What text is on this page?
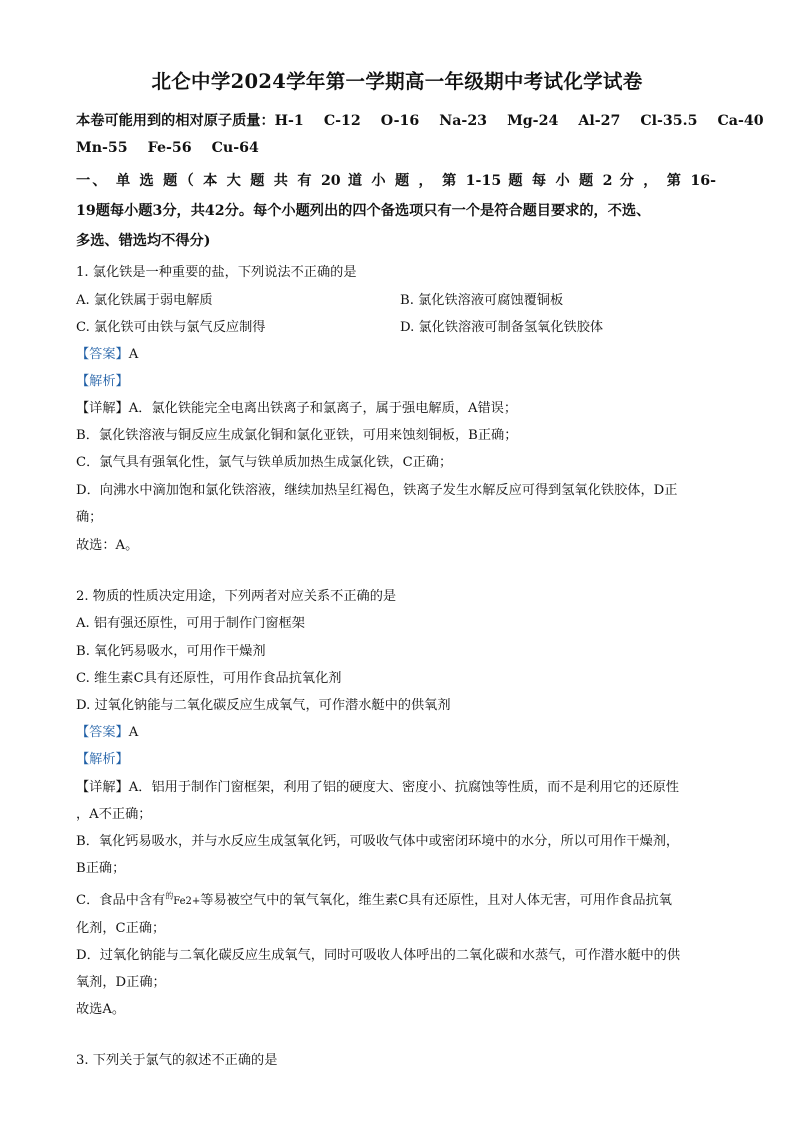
北仑中学2024学年第一学期高一年级期中考试化学试卷
本卷可能用到的相对原子质量：H-1 C-12 O-16 Na-23 Mg-24 Al-27 Cl-35.5 Ca-40
Mn-55 Fe-56 Cu-64
一、 单 选 题（ 本 大 题 共 有 20 道 小 题 ， 第 1-15 题 每 小 题 2 分 ， 第 16-
19题每小题3分，共42分。每个小题列出的四个备选项只有一个是符合题目要求的，不选、
多选、错选均不得分)
1. 氯化铁是一种重要的盐，下列说法不正确的是
A. 氯化铁属于弱电解质	B. 氯化铁溶液可腐蚀覆铜板
C. 氯化铁可由铁与氯气反应制得	D. 氯化铁溶液可制备氢氧化铁胶体
【答案】A
【解析】
【详解】A．氯化铁能完全电离出铁离子和氯离子，属于强电解质，A错误；
B．氯化铁溶液与铜反应生成氯化铜和氯化亚铁，可用来蚀刻铜板，B正确；
C．氯气具有强氧化性，氯气与铁单质加热生成氯化铁，C正确；
D．向沸水中滴加饱和氯化铁溶液，继续加热呈红褐色，铁离子发生水解反应可得到氢氧化铁胶体，D正
确；
故选：A。
2. 物质的性质决定用途，下列两者对应关系不正确的是
A. 铝有强还原性，可用于制作门窗框架
B. 氧化钙易吸水，可用作干燥剂
C. 维生素C具有还原性，可用作食品抗氧化剂
D. 过氧化钠能与二氧化碳反应生成氧气，可作潜水艇中的供氧剂
【答案】A
【解析】
【详解】A．铝用于制作门窗框架，利用了铝的硬度大、密度小、抗腐蚀等性质，而不是利用它的还原性
，A不正确；
B．氧化钙易吸水，并与水反应生成氢氧化钙，可吸收气体中或密闭环境中的水分，所以可用作干燥剂，
B正确；
C．食品中含有$^的$Fe2+等易被空气中的氧气氧化，维生素C具有还原性，且对人体无害，可用作食品抗氧
化剂，C正确；
D．过氧化钠能与二氧化碳反应生成氧气，同时可吸收人体呼出的二氧化碳和水蒸气，可作潜水艇中的供
氧剂，D正确；
故选A。
3. 下列关于氯气的叙述不正确的是
